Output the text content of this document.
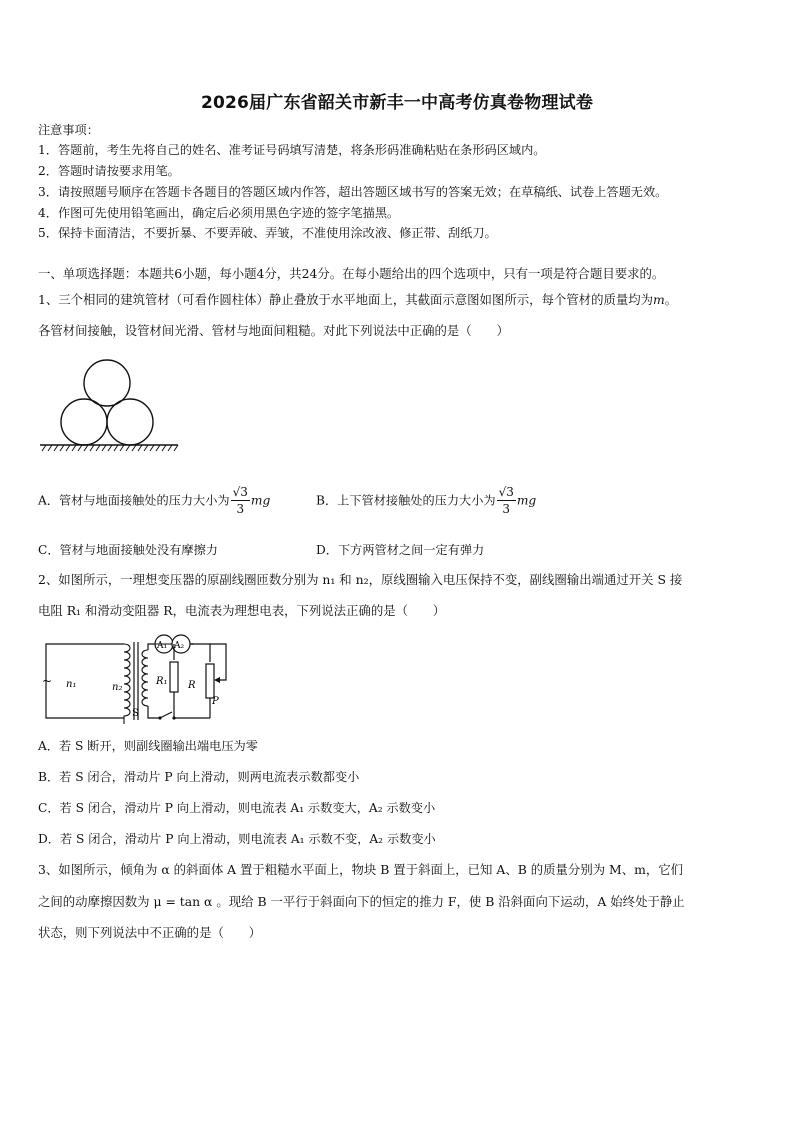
2026届广东省韶关市新丰一中高考仿真卷物理试卷
注意事项：
1．答题前，考生先将自己的姓名、准考证号码填写清楚，将条形码准确粘贴在条形码区域内。
2．答题时请按要求用笔。
3．请按照题号顺序在答题卡各题目的答题区域内作答，超出答题区域书写的答案无效；在草稿纸、试卷上答题无效。
4．作图可先使用铅笔画出，确定后必须用黑色字迹的签字笔描黑。
5．保持卡面清洁，不要折暴、不要弄破、弄皱，不准使用涂改液、修正带、刮纸刀。
一、单项选择题：本题共6小题，每小题4分，共24分。在每小题给出的四个选项中，只有一项是符合题目要求的。
1、三个相同的建筑管材（可看作圆柱体）静止叠放于水平地面上，其截面示意图如图所示，每个管材的质量均为m。
各管材间接触，设管材间光滑、管材与地面间粗糙。对此下列说法中正确的是（　　）
A．管材与地面接触处的压力大小为 $\frac{√3}{3}$ mg	B．上下管材接触处的压力大小为 $\frac{√3}{3}$ mg
C．管材与地面接触处没有摩擦力	D．下方两管材之间一定有弹力
2、如图所示，一理想变压器的原副线圈匝数分别为 n₁ 和 n₂，原线圈输入电压保持不变，副线圈输出端通过开关 S 接
电阻 R₁ 和滑动变阻器 R，电流表为理想电表，下列说法正确的是（　　）
~ n₁	n₂
A₁ A₂
R₁ R
P
S
A．若 S 断开，则副线圈输出端电压为零
B．若 S 闭合，滑动片 P 向上滑动，则两电流表示数都变小
C．若 S 闭合，滑动片 P 向上滑动，则电流表 A₁ 示数变大，A₂ 示数变小
D．若 S 闭合，滑动片 P 向上滑动，则电流表 A₁ 示数不变，A₂ 示数变小
3、如图所示，倾角为 α 的斜面体 A 置于粗糙水平面上，物块 B 置于斜面上，已知 A、B 的质量分别为 M、m，它们
之间的动摩擦因数为 μ = tan α 。现给 B 一平行于斜面向下的恒定的推力 F，使 B 沿斜面向下运动，A 始终处于静止
状态，则下列说法中不正确的是（　　）
